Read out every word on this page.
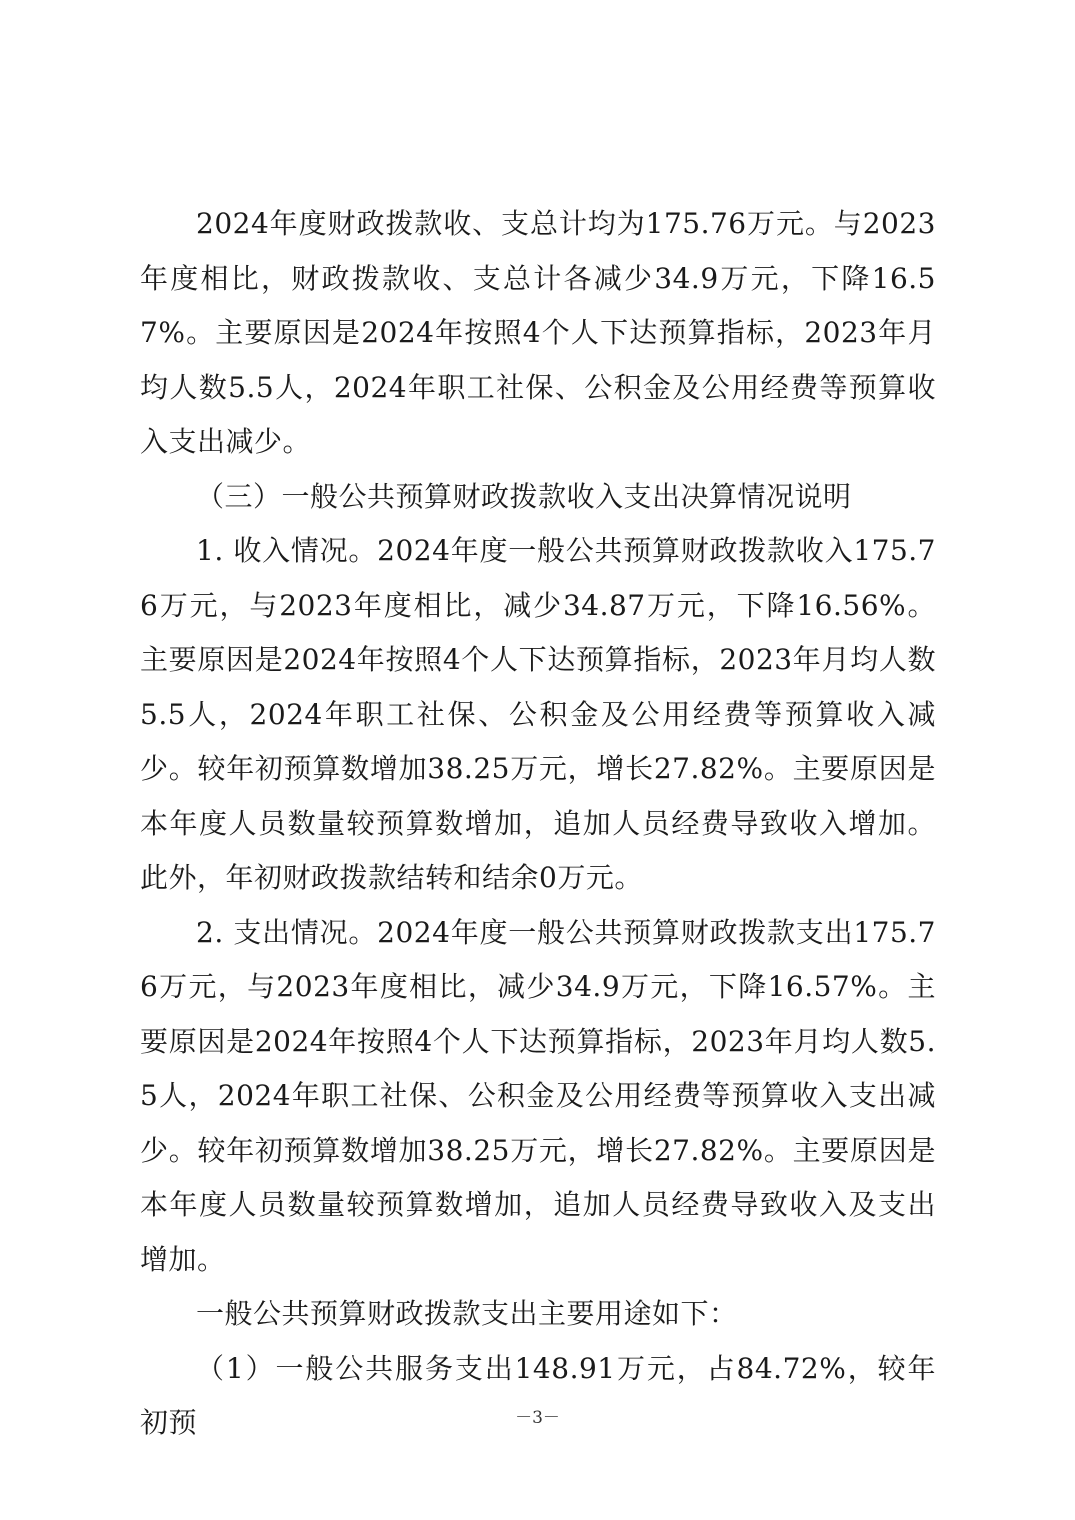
2024年度财政拨款收、支总计均为175.76万元。与2023年度相比，财政拨款收、支总计各减少34.9万元，下降16.57%。主要原因是2024年按照4个人下达预算指标，2023年月均人数5.5人，2024年职工社保、公积金及公用经费等预算收入支出减少。

（三）一般公共预算财政拨款收入支出决算情况说明

1. 收入情况。2024年度一般公共预算财政拨款收入175.76万元，与2023年度相比，减少34.87万元，下降16.56%。主要原因是2024年按照4个人下达预算指标，2023年月均人数5.5人，2024年职工社保、公积金及公用经费等预算收入减少。较年初预算数增加38.25万元，增长27.82%。主要原因是本年度人员数量较预算数增加，追加人员经费导致收入增加。此外，年初财政拨款结转和结余0万元。

2. 支出情况。2024年度一般公共预算财政拨款支出175.76万元，与2023年度相比，减少34.9万元，下降16.57%。主要原因是2024年按照4个人下达预算指标，2023年月均人数5.5人，2024年职工社保、公积金及公用经费等预算收入支出减少。较年初预算数增加38.25万元，增长27.82%。主要原因是本年度人员数量较预算数增加，追加人员经费导致收入及支出增加。

一般公共预算财政拨款支出主要用途如下：

（1）一般公共服务支出148.91万元，占84.72%，较年初预	－3－
